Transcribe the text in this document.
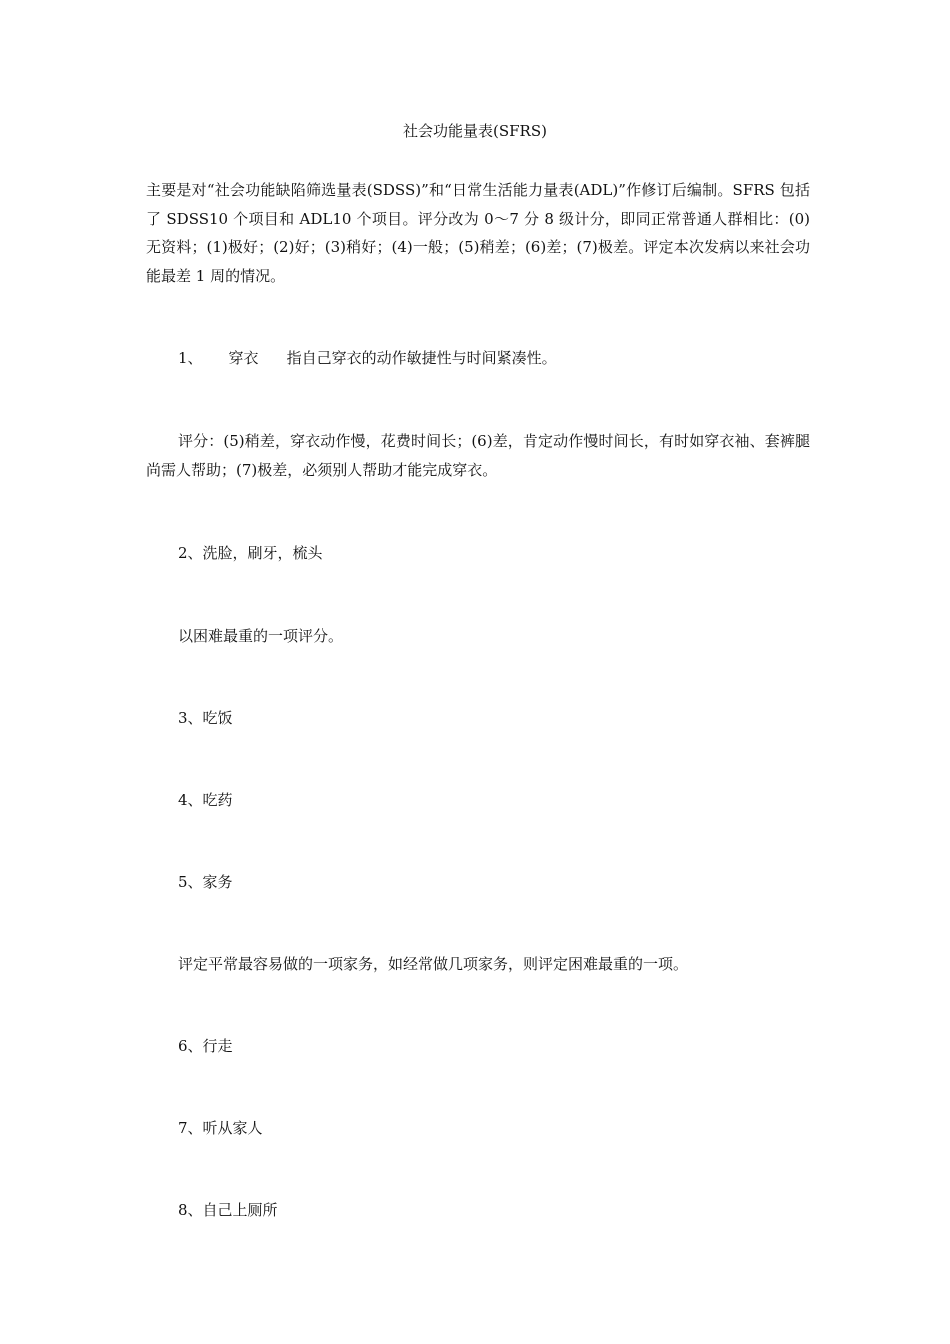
社会功能量表(SFRS)
主要是对“社会功能缺陷筛选量表(SDSS)”和“日常生活能力量表(ADL)”作修订后编制。SFRS 包括了 SDSS10 个项目和 ADL10 个项目。评分改为 0～7 分 8 级计分，即同正常普通人群相比：(0)无资料；(1)极好；(2)好；(3)稍好；(4)一般；(5)稍差；(6)差；(7)极差。评定本次发病以来社会功能最差 1 周的情况。
1、 穿衣 指自己穿衣的动作敏捷性与时间紧凑性。
评分：(5)稍差，穿衣动作慢，花费时间长；(6)差，肯定动作慢时间长，有时如穿衣袖、套裤腿尚需人帮助；(7)极差，必须别人帮助才能完成穿衣。
2、洗脸，刷牙，梳头
以困难最重的一项评分。
3、吃饭
4、吃药
5、家务
评定平常最容易做的一项家务，如经常做几项家务，则评定困难最重的一项。
6、行走
7、听从家人
8、自己上厕所
